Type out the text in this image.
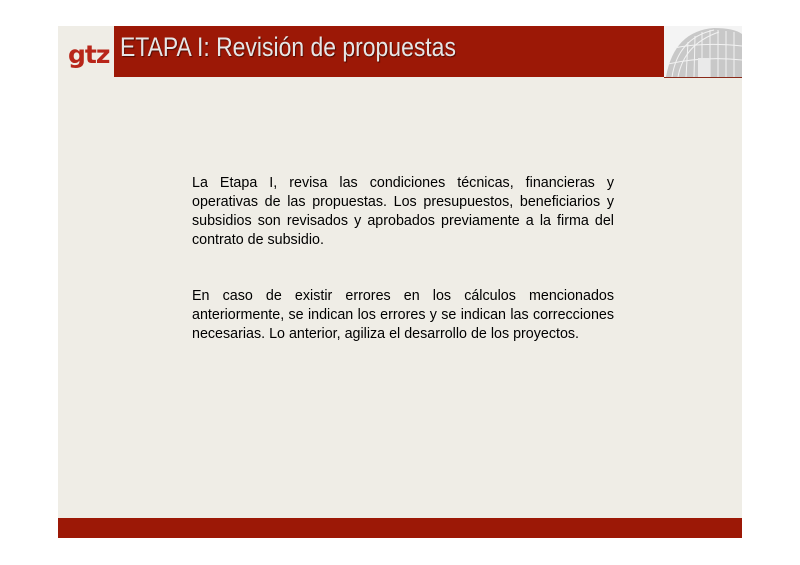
gtz ETAPA I: Revisión de propuestas

La Etapa I, revisa las condiciones técnicas, financieras y operativas de las propuestas. Los presupuestos, beneficiarios y subsidios son revisados y aprobados previamente a la firma del contrato de subsidio.

En caso de existir errores en los cálculos mencionados anteriormente, se indican los errores y se indican las correcciones necesarias. Lo anterior, agiliza el desarrollo de los proyectos.
